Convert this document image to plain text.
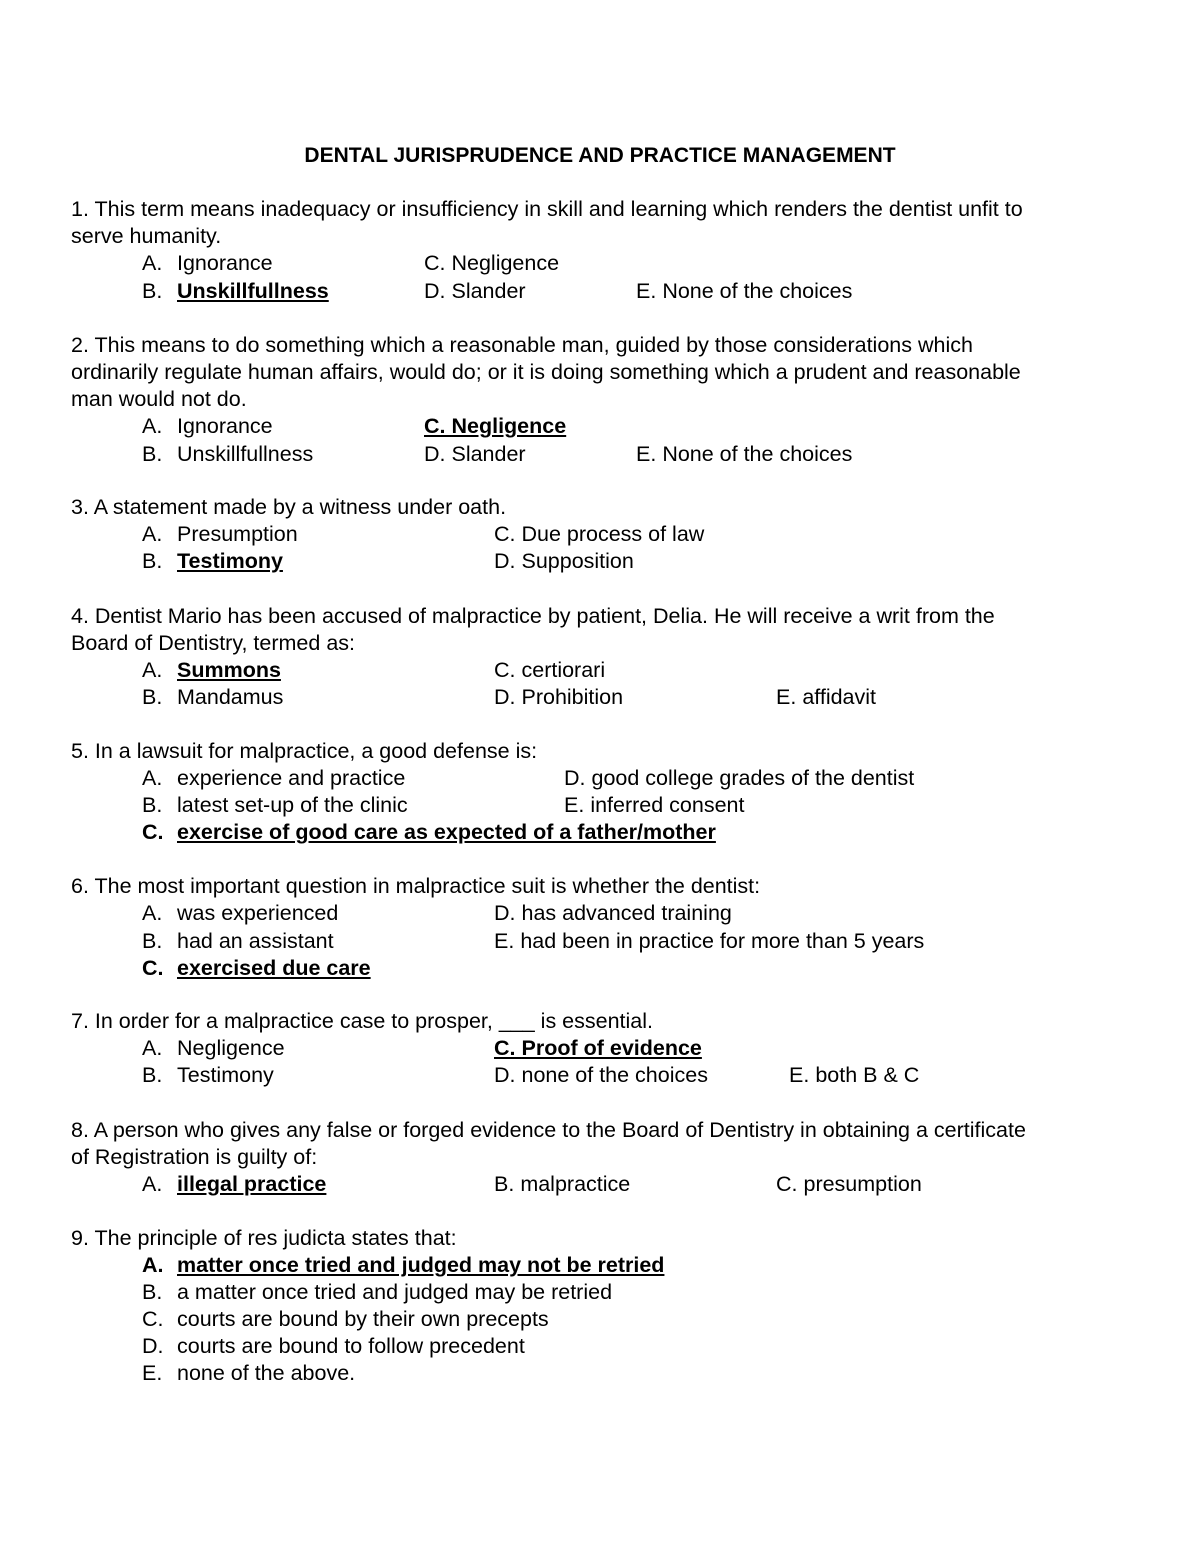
DENTAL JURISPRUDENCE AND PRACTICE MANAGEMENT
1. This term means inadequacy or insufficiency in skill and learning which renders the dentist unfit to
serve humanity.
A. Ignorance	C. Negligence
B. Unskillfullness	D. Slander	E. None of the choices
2. This means to do something which a reasonable man, guided by those considerations which
ordinarily regulate human affairs, would do; or it is doing something which a prudent and reasonable
man would not do.
A. Ignorance	C. Negligence
B. Unskillfullness	D. Slander	E. None of the choices
3. A statement made by a witness under oath.
A. Presumption	C. Due process of law
B. Testimony	D. Supposition
4. Dentist Mario has been accused of malpractice by patient, Delia. He will receive a writ from the
Board of Dentistry, termed as:
A. Summons	C. certiorari
B. Mandamus	D. Prohibition	E. affidavit
5. In a lawsuit for malpractice, a good defense is:
A. experience and practice	D. good college grades of the dentist
B. latest set-up of the clinic	E. inferred consent
C. exercise of good care as expected of a father/mother
6. The most important question in malpractice suit is whether the dentist:
A. was experienced	D. has advanced training
B. had an assistant	E. had been in practice for more than 5 years
C. exercised due care
7. In order for a malpractice case to prosper, ___ is essential.
A. Negligence	C. Proof of evidence
B. Testimony	D. none of the choices	E. both B & C
8. A person who gives any false or forged evidence to the Board of Dentistry in obtaining a certificate
of Registration is guilty of:
A. illegal practice	B. malpractice	C. presumption
9. The principle of res judicta states that:
A. matter once tried and judged may not be retried
B. a matter once tried and judged may be retried
C. courts are bound by their own precepts
D. courts are bound to follow precedent
E. none of the above.
